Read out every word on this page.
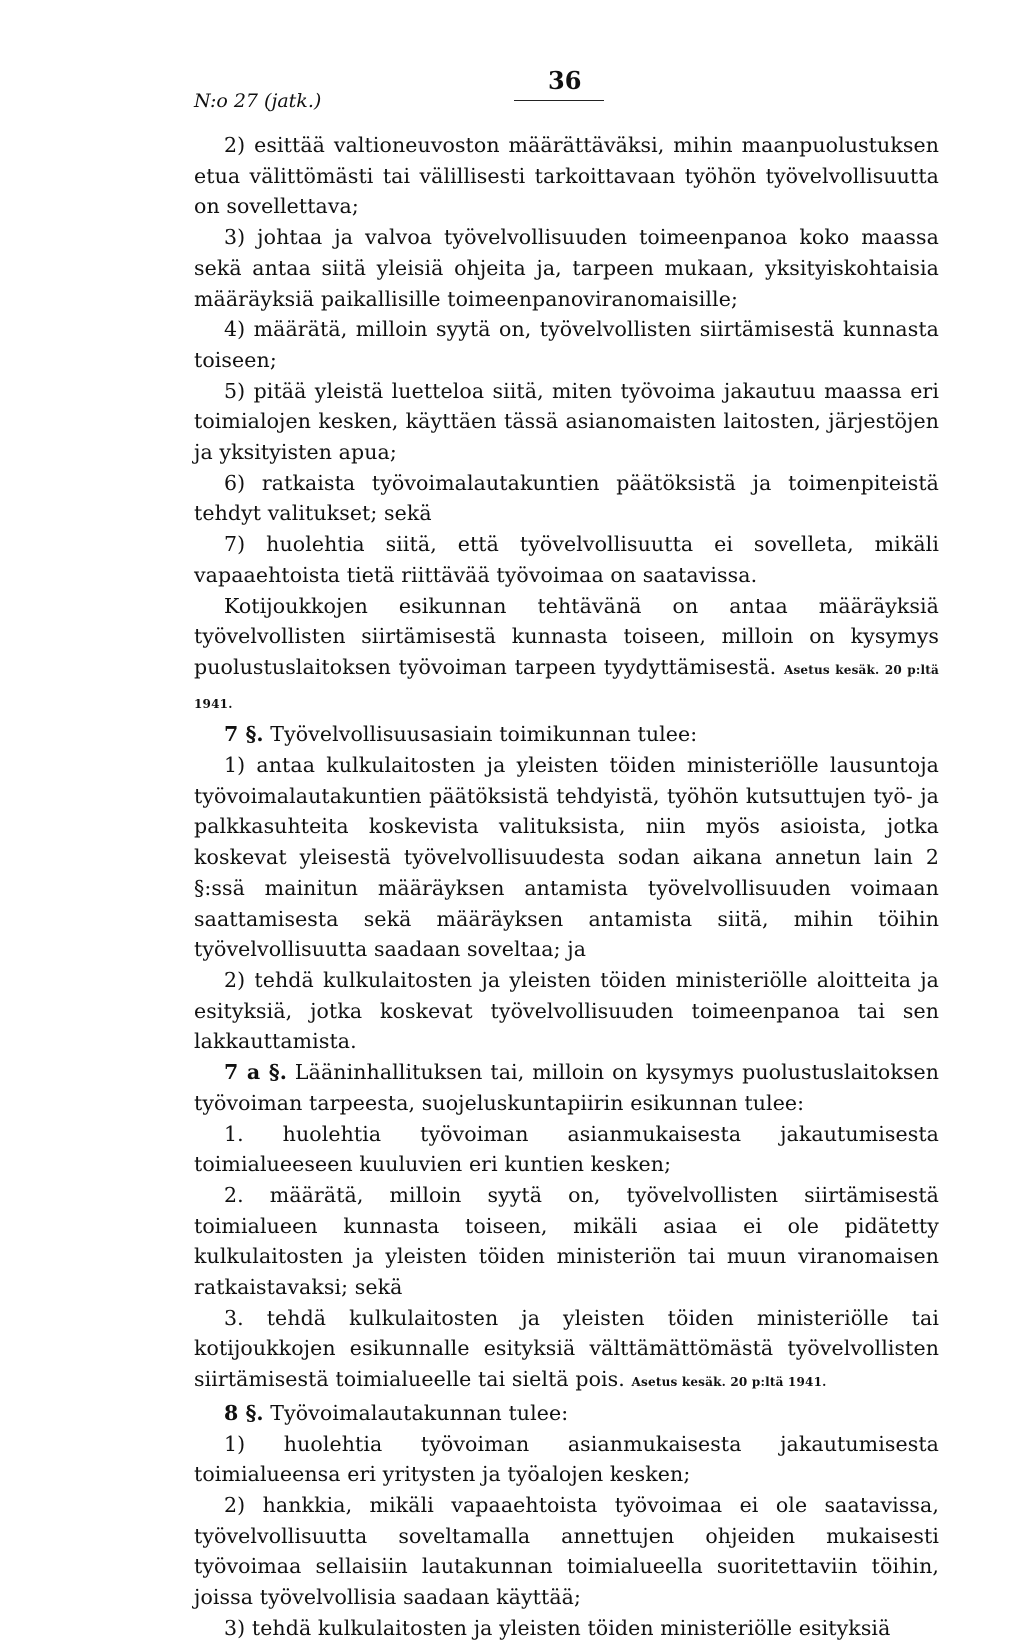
N:o 27 (jatk.)
36

2) esittää valtioneuvoston määrättäväksi, mihin maanpuolustuksen etua välittömästi tai välillisesti tarkoittavaan työhön työvelvollisuutta on sovellettava;

3) johtaa ja valvoa työvelvollisuuden toimeenpanoa koko maassa sekä antaa siitä yleisiä ohjeita ja, tarpeen mukaan, yksityiskohtaisia määräyksiä paikallisille toimeenpanoviranomaisille;

4) määrätä, milloin syytä on, työvelvollisten siirtämisestä kunnasta toiseen;

5) pitää yleistä luetteloa siitä, miten työvoima jakautuu maassa eri toimialojen kesken, käyttäen tässä asianomaisten laitosten, järjestöjen ja yksityisten apua;

6) ratkaista työvoimalautakuntien päätöksistä ja toimenpiteistä tehdyt valitukset; sekä

7) huolehtia siitä, että työvelvollisuutta ei sovelleta, mikäli vapaaehtoista tietä riittävää työvoimaa on saatavissa.

Kotijoukkojen esikunnan tehtävänä on antaa määräyksiä työvelvollisten siirtämisestä kunnasta toiseen, milloin on kysymys puolustuslaitoksen työvoiman tarpeen tyydyttämisestä. Asetus kesäk. 20 p:ltä 1941.

7 §. Työvelvollisuusasiain toimikunnan tulee:

1) antaa kulkulaitosten ja yleisten töiden ministeriölle lausuntoja työvoimalautakuntien päätöksistä tehdyistä, työhön kutsuttujen työ- ja palkkasuhteita koskevista valituksista, niin myös asioista, jotka koskevat yleisestä työvelvollisuudesta sodan aikana annetun lain 2 §:ssä mainitun määräyksen antamista työvelvollisuuden voimaan saattamisesta sekä määräyksen antamista siitä, mihin töihin työvelvollisuutta saadaan soveltaa; ja

2) tehdä kulkulaitosten ja yleisten töiden ministeriölle aloitteita ja esityksiä, jotka koskevat työvelvollisuuden toimeenpanoa tai sen lakkauttamista.

7 a §. Lääninhallituksen tai, milloin on kysymys puolustuslaitoksen työvoiman tarpeesta, suojeluskuntapiirin esikunnan tulee:

1. huolehtia työvoiman asianmukaisesta jakautumisesta toimialueeseen kuuluvien eri kuntien kesken;

2. määrätä, milloin syytä on, työvelvollisten siirtämisestä toimialueen kunnasta toiseen, mikäli asiaa ei ole pidätetty kulkulaitosten ja yleisten töiden ministeriön tai muun viranomaisen ratkaistavaksi; sekä

3. tehdä kulkulaitosten ja yleisten töiden ministeriölle tai kotijoukkojen esikunnalle esityksiä välttämättömästä työvelvollisten siirtämisestä toimialueelle tai sieltä pois. Asetus kesäk. 20 p:ltä 1941.

8 §. Työvoimalautakunnan tulee:

1) huolehtia työvoiman asianmukaisesta jakautumisesta toimialueensa eri yritysten ja työalojen kesken;

2) hankkia, mikäli vapaaehtoista työvoimaa ei ole saatavissa, työvelvollisuutta soveltamalla annettujen ohjeiden mukaisesti työvoimaa sellaisiin lautakunnan toimialueella suoritettaviin töihin, joissa työvelvollisia saadaan käyttää;

3) tehdä kulkulaitosten ja yleisten töiden ministeriölle esityksiä
